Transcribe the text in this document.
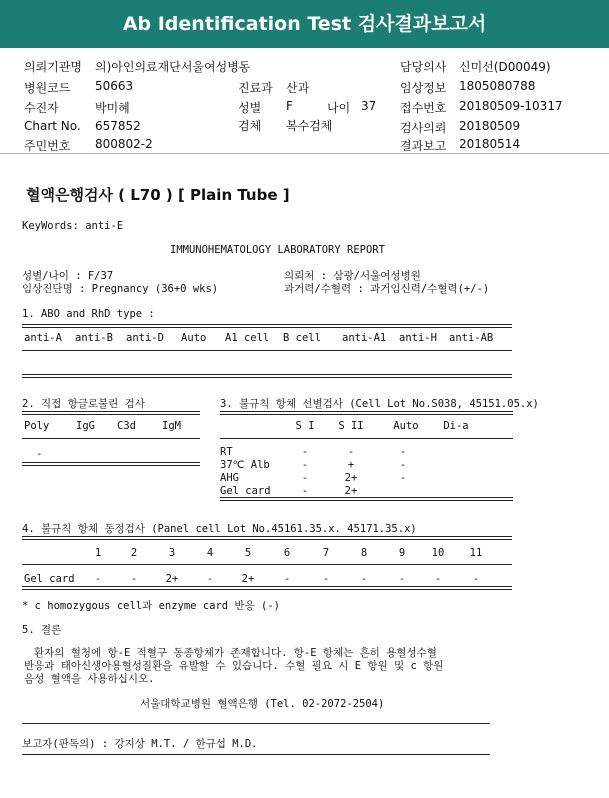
Ab Identification Test 검사결과보고서
의뢰기관명 의)아인의료재단서울여성병동	담당의사 신미선(D00049)
병원코드 50663	진료과 산과	임상정보 1805080788
수진자	박미혜	성별 F	나이 37 접수번호 20180509-10317
Chart No. 657852	검체 복수검체	검사의뢰 20180509
주민번호 800802-2	결과보고 20180514
혈액은행검사 ( L70 ) [ Plain Tube ]
KeyWords: anti-E
IMMUNOHEMATOLOGY LABORATORY REPORT
성별/나이 : F/37
임상진단명 : Pregnancy (36+0 wks)
의뢰처 : 삼광/서울여성병원
과거력/수혈력 : 과거임신력/수혈력(+/-)
1. ABO and RhD type :
anti-A anti-B anti-D Auto A1 cell B cell anti-A1 anti-H anti-AB
2. 직접 항글로불린 검사
Poly	IgG C3d IgM
-
3. 불규칙 항체 선별검사 (Cell Lot No.S038, 45151.05.x)
S I	S II	Auto	Di-a
RT	-	-	-
37℃ Alb	-	+	-
AHG	-	2+	-
Gel card	-	2+
4. 불규칙 항체 동정검사 (Panel cell Lot No.45161.35.x. 45171.35.x)
1	2	3	4	5	6	7	8	9	10	11
Gel card	-	-	2+	-	2+	-	-	-	-	-	-
* c homozygous cell과 enzyme card 반응 (-)
5. 결론
환자의 혈청에 항-E 적혈구 동종항체가 존재합니다. 항-E 항체는 흔히 용혈성수혈
반응과 태아신생아용혈성질환을 유발할 수 있습니다. 수혈 필요 시 E 항원 및 c 항원
음성 혈액을 사용하십시오.
서울대학교병원 혈액은행 (Tel. 02-2072-2504)
보고자(판독의) : 강지상 M.T. / 한규섭 M.D.
